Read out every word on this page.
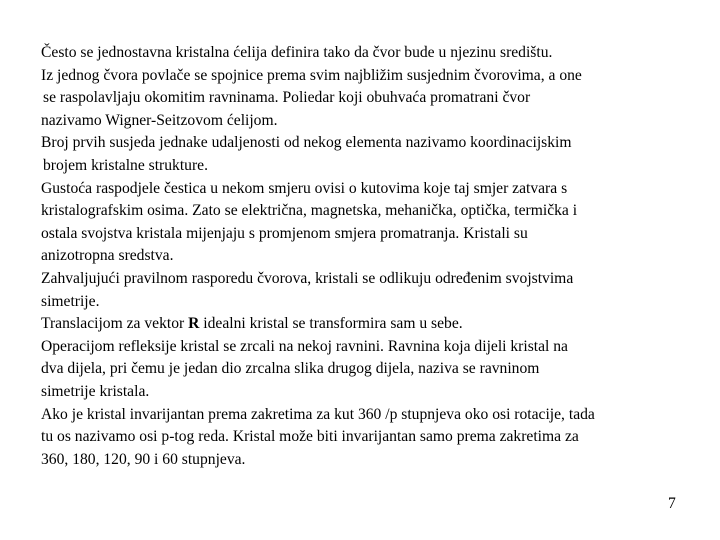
Često se jednostavna kristalna ćelija definira tako da čvor bude u njezinu središtu.
Iz jednog čvora povlače se spojnice prema svim najbližim susjednim čvorovima, a one
se raspolavljaju okomitim ravninama. Poliedar koji obuhvaća promatrani čvor
nazivamo Wigner-Seitzovom ćelijom.
Broj prvih susjeda jednake udaljenosti od nekog elementa nazivamo koordinacijskim
brojem kristalne strukture.
Gustoća raspodjele čestica u nekom smjeru ovisi o kutovima koje taj smjer zatvara s
kristalografskim osima. Zato se električna, magnetska, mehanička, optička, termička i
ostala svojstva kristala mijenjaju s promjenom smjera promatranja. Kristali su
anizotropna sredstva.
Zahvaljujući pravilnom rasporedu čvorova, kristali se odlikuju određenim svojstvima
simetrije.
Translacijom za vektor R idealni kristal se transformira sam u sebe.
Operacijom refleksije kristal se zrcali na nekoj ravnini. Ravnina koja dijeli kristal na
dva dijela, pri čemu je jedan dio zrcalna slika drugog dijela, naziva se ravninom
simetrije kristala.
Ako je kristal invarijantan prema zakretima za kut 360 /p stupnjeva oko osi rotacije, tada
tu os nazivamo osi p-tog reda. Kristal može biti invarijantan samo prema zakretima za
360, 180, 120, 90 i 60 stupnjeva.
7
